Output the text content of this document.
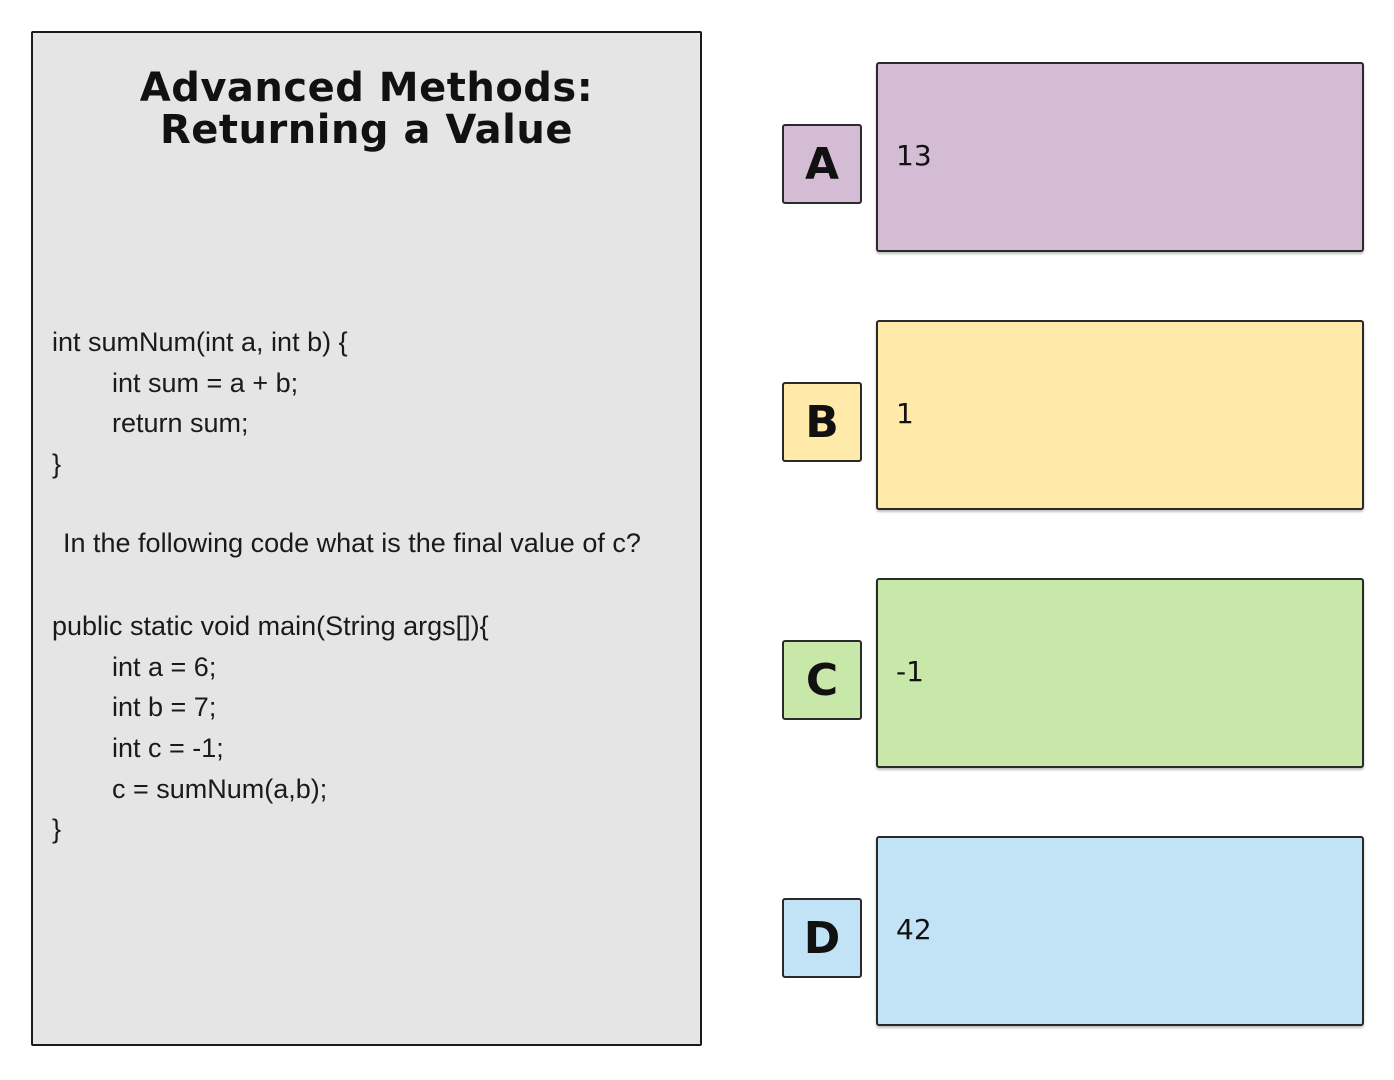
Advanced Methods:
Returning a Value
int sumNum(int a, int b) {
int sum = a + b;
return sum;
}
In the following code what is the final value of c?
public static void main(String args[]){
int a = 6;
int b = 7;
int c = -1;
c = sumNum(a,b);
}
A	13
B	1
C	-1
D	42
